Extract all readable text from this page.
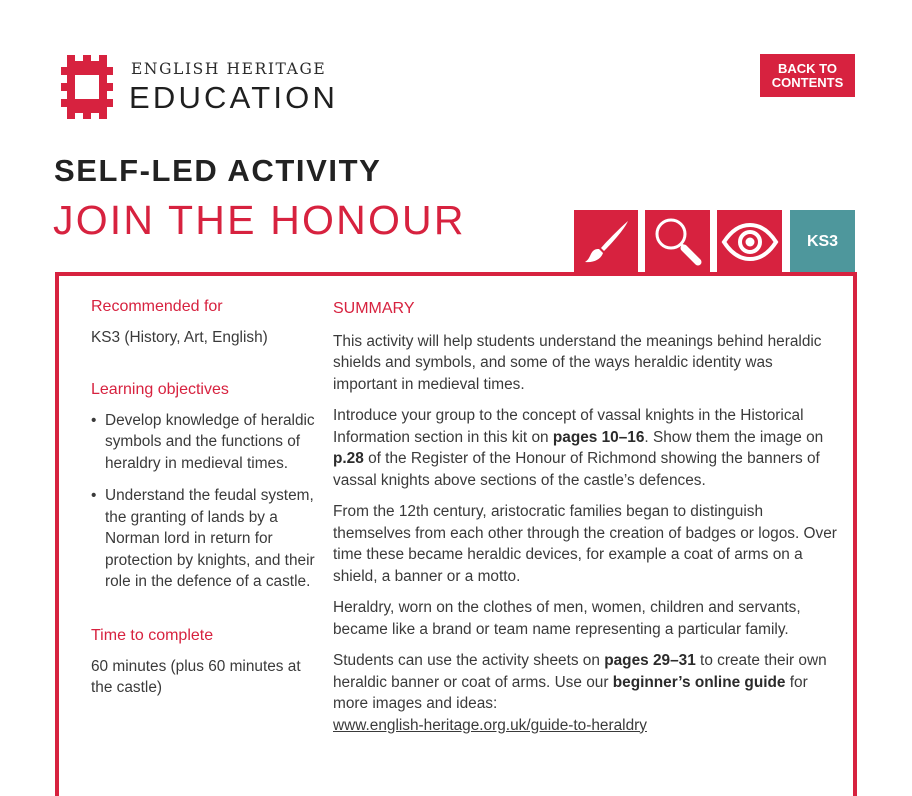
ENGLISH HERITAGE
EDUCATION
BACK TO
CONTENTS
SELF-LED ACTIVITY
JOIN THE HONOUR	KS3
Recommended for
KS3 (History, Art, English)
Learning objectives
• Develop knowledge of heraldic symbols and the functions of heraldry in medieval times.
• Understand the feudal system, the granting of lands by a Norman lord in return for protection by knights, and their role in the defence of a castle.
Time to complete
60 minutes (plus 60 minutes at the castle)
SUMMARY

This activity will help students understand the meanings behind heraldic shields and symbols, and some of the ways heraldic identity was important in medieval times.

Introduce your group to the concept of vassal knights in the Historical Information section in this kit on pages 10–16. Show them the image on p.28 of the Register of the Honour of Richmond showing the banners of vassal knights above sections of the castle’s defences.

From the 12th century, aristocratic families began to distinguish themselves from each other through the creation of badges or logos. Over time these became heraldic devices, for example a coat of arms on a shield, a banner or a motto.

Heraldry, worn on the clothes of men, women, children and servants, became like a brand or team name representing a particular family.

Students can use the activity sheets on pages 29–31 to create their own heraldic banner or coat of arms. Use our beginner’s online guide for more images and ideas:
www.english-heritage.org.uk/guide-to-heraldry
